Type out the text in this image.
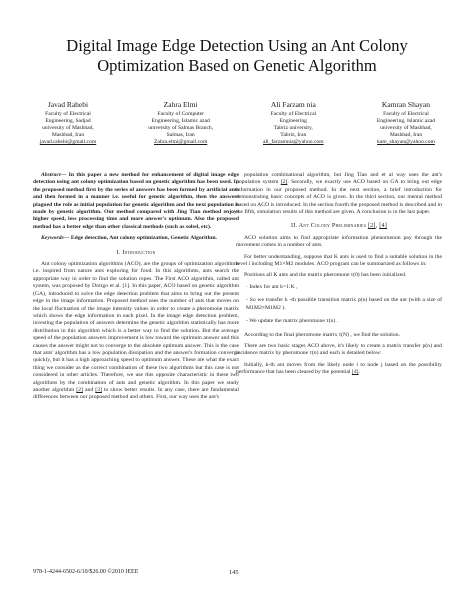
Digital Image Edge Detection Using an Ant Colony
Optimization Based on Genetic Algorithm
Javad Rahebi
Faculty of Electrical
Engineering, Sadjad
university of Mashhad,
Mashhad, Iran
javad.rahebi@gmail.com
Zahra Elmi
Faculty of Computer
Engineering, Islamic azad
university of Salmas Branch,
Salmas, Iran
Zahra.elmi@gmail.com
Ali Farzam nia
Faculty of Electrical
Engineering
Tabriz university,
Tabriz, Iran
ali_farzamnia@yahoo.com
Kamran Shayan
Faculty of Electrical
Engineering, Islamic azad
university of Mashhad,
Mashhad, Iran
kam_shayan@yahoo.com

Abstract— In this paper a new method for enhancement of digital image edge detection using ant colony optimization based on genetic algorithm has been used. In the proposed method first by the series of answers has been formed by artificial ants and then formed in a manner i.e. useful for genetic algorithm, then the answers plagued the role as initial population for genetic algorithm and the next population is made by genetic algorithm. Our method compared with Jing Tian method enjoys higher speed, less processing time and more answer's optimum. Also the proposed method has a better edge than other classical methods (such as sobel, etc).

Keywords— Edge detection, Ant colony optimization, Genetic Algorithm.

I. Introduction

Ant colony optimization algorithms (ACO), are the groups of optimization algorithms i.e. inspired from nature ants exploring for food. In this algorithms, ants search the appropriate way in order to find the solution ropes. The First ACO algorithm, called ant system, was proposed by Dorigo et al. [1]. In this paper, ACO based on genetic algorithm (GA), introduced to solve the edge detection problem that aims to bring out the present edge in the image information. Proposed method uses the number of ants that moves on the local fluctuation of the image intensity values in order to create a pheromone matrix which shows the edge information in each pixel. In the image edge detection problem, investing the population of answers determine the genetic algorithm statistically has more distribution in this algorithm which is a better way to find the solution. But the average speed of the population answers improvement is low toward the optimum answer and this causes the answer might not to converge to the absolute optimum answer. This is the case that ants' algorithm has a low population dissipation and the answer's formation converge quickly, but it has a high approaching speed to optimum answer. These are what the exact thing we consider as the correct combination of these two algorithms but this case is not considered in other articles. Therefore, we use this opposite characteristic in these two algorithms by the combination of ants and genetic algorithm. In this paper we study another algorithm [2] and [3] to show better results. In any case, there are fundamental differences between our proposed method and others. First, our way uses the ant's

population combinational algorithm, but Jing Tian and et al way uses the ant's population system [2]. Secondly, we exactly use ACO based on GA to bring out edge information in our proposed method. In the next section, a brief introduction for demonstrating basic concepts of ACO is given. In the third section, our mental method based on ACO is introduced. In the section fourth the proposed method is described and in the fifth, simulation results of this method are given. A conclusion is in the last paper.

II. Ant Colony Preliminaries [2], [4]

ACO solution aims to find appropriate information phenomenon pay through the movement comes in a number of ants.

For better understanding, suppose that K ants is used to find a suitable solution in the level i including M1×M2 modules. ACO program can be summarized as follows in:

Positions all K ants and the matrix pheromone τ(0) has been initialized.

· Index for ant k=1:K ,
- So we transfer k -th possible transition matrix p(n) based on the ant (with a size of M1M2×M1M2 ).
- We update the matrix pheromone τ(n) .

According to the final pheromone matrix τ(N) , we find the solution.

There are two basic stages ACO above, it's likely to create a matrix transfer p(n) and incidence matrix by pheromone τ(n) and each is detailed below:

Initially, k-th ant moves from the likely node i to node j based on the possibility performance that has been cleared by the potential [4].

978-1-4244-6502-6/10/$26.00 ©2010 IEEE	145
